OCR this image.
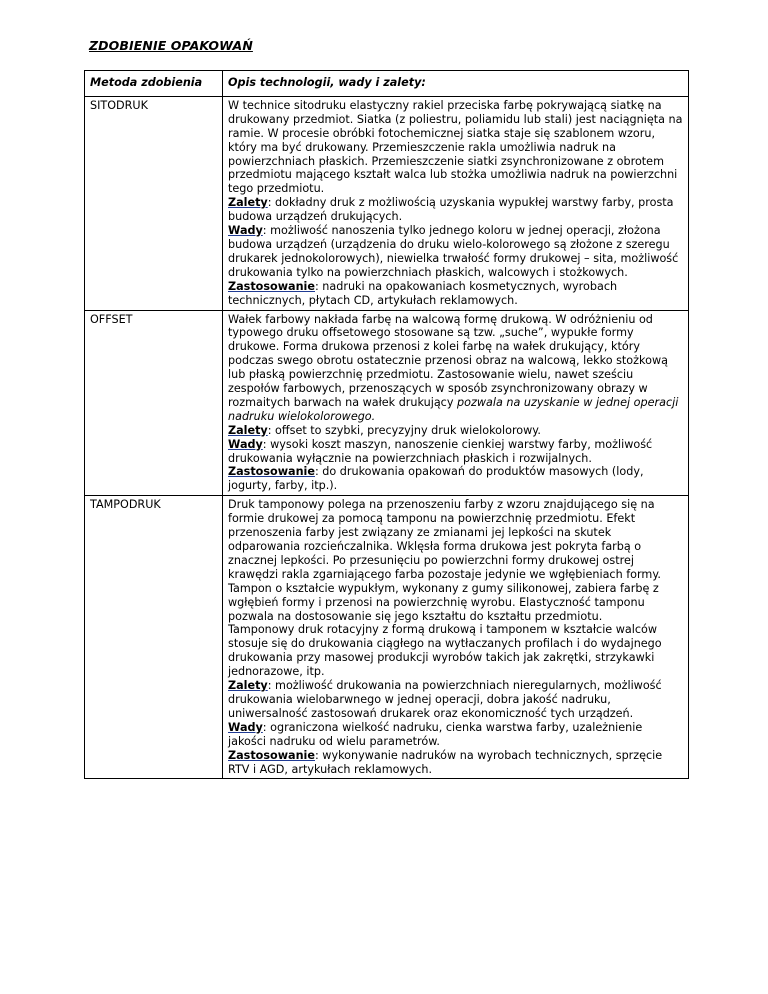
ZDOBIENIE OPAKOWAŃ
Metoda zdobienia	Opis technologii, wady i zalety:
SITODRUK	W technice sitodruku elastyczny rakiel przeciska farbę pokrywającą siatkę na drukowany przedmiot. Siatka (z poliestru, poliamidu lub stali) jest naciągnięta na ramie. W procesie obróbki fotochemicznej siatka staje się szablonem wzoru, który ma być drukowany. Przemieszczenie rakla umożliwia nadruk na powierzchniach płaskich. Przemieszczenie siatki zsynchronizowane z obrotem przedmiotu mającego kształt walca lub stożka umożliwia nadruk na powierzchni tego przedmiotu.
Zalety: dokładny druk z możliwością uzyskania wypukłej warstwy farby, prosta budowa urządzeń drukujących.
Wady: możliwość nanoszenia tylko jednego koloru w jednej operacji, złożona budowa urządzeń (urządzenia do druku wielo-kolorowego są złożone z szeregu drukarek jednokolorowych), niewielka trwałość formy drukowej – sita, możliwość drukowania tylko na powierzchniach płaskich, walcowych i stożkowych.
Zastosowanie: nadruki na opakowaniach kosmetycznych, wyrobach technicznych, płytach CD, artykułach reklamowych.

OFFSET	Wałek farbowy nakłada farbę na walcową formę drukową. W odróżnieniu od typowego druku offsetowego stosowane są tzw. „suche”, wypukłe formy drukowe. Forma drukowa przenosi z kolei farbę na wałek drukujący, który podczas swego obrotu ostatecznie przenosi obraz na walcową, lekko stożkową lub płaską powierzchnię przedmiotu. Zastosowanie wielu, nawet sześciu zespołów farbowych, przenoszących w sposób zsynchronizowany obrazy w rozmaitych barwach na wałek drukujący pozwala na uzyskanie w jednej operacji nadruku wielokolorowego.
Zalety: offset to szybki, precyzyjny druk wielokolorowy.
Wady: wysoki koszt maszyn, nanoszenie cienkiej warstwy farby, możliwość drukowania wyłącznie na powierzchniach płaskich i rozwijalnych.
Zastosowanie: do drukowania opakowań do produktów masowych (lody, jogurty, farby, itp.).

TAMPODRUK	Druk tamponowy polega na przenoszeniu farby z wzoru znajdującego się na formie drukowej za pomocą tamponu na powierzchnię przedmiotu. Efekt przenoszenia farby jest związany ze zmianami jej lepkości na skutek odparowania rozcieńczalnika. Wklęsła forma drukowa jest pokryta farbą o znacznej lepkości. Po przesunięciu po powierzchni formy drukowej ostrej krawędzi rakla zgarniającego farba pozostaje jedynie we wgłębieniach formy. Tampon o kształcie wypukłym, wykonany z gumy silikonowej, zabiera farbę z wgłębień formy i przenosi na powierzchnię wyrobu. Elastyczność tamponu pozwala na dostosowanie się jego kształtu do kształtu przedmiotu.
Tamponowy druk rotacyjny z formą drukową i tamponem w kształcie walców stosuje się do drukowania ciągłego na wytłaczanych profilach i do wydajnego drukowania przy masowej produkcji wyrobów takich jak zakrętki, strzykawki jednorazowe, itp.
Zalety: możliwość drukowania na powierzchniach nieregularnych, możliwość drukowania wielobarwnego w jednej operacji, dobra jakość nadruku, uniwersalność zastosowań drukarek oraz ekonomiczność tych urządzeń.
Wady: ograniczona wielkość nadruku, cienka warstwa farby, uzależnienie jakości nadruku od wielu parametrów.
Zastosowanie: wykonywanie nadruków na wyrobach technicznych, sprzęcie RTV i AGD, artykułach reklamowych.
